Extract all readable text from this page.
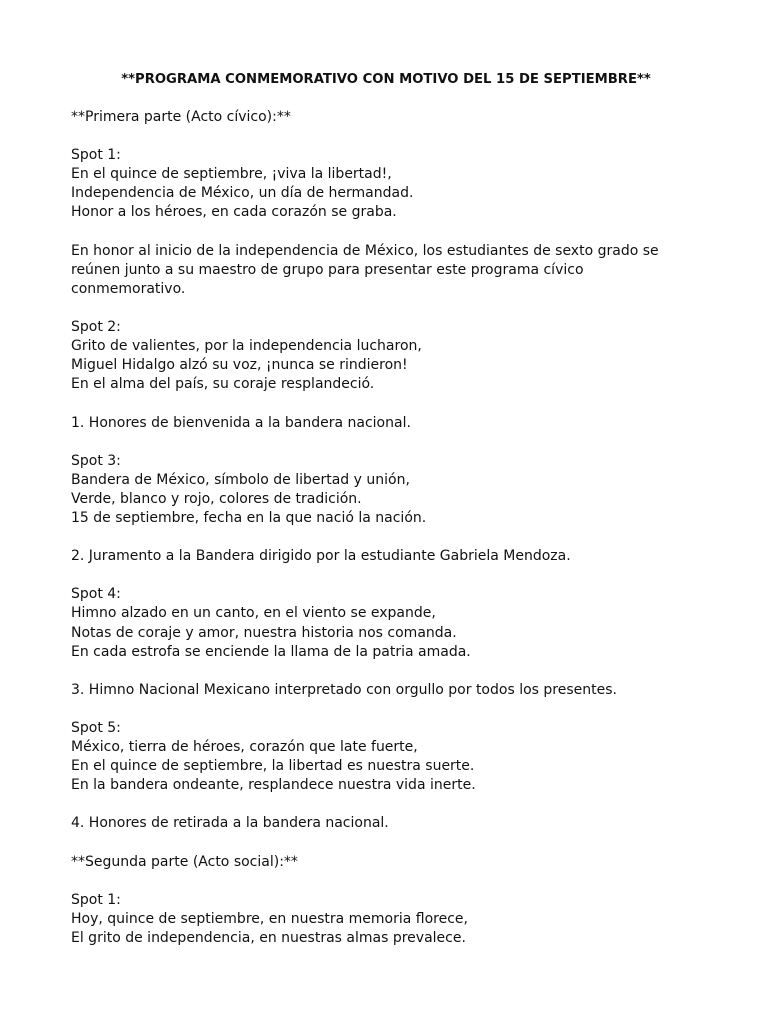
**PROGRAMA CONMEMORATIVO CON MOTIVO DEL 15 DE SEPTIEMBRE**
**Primera parte (Acto cívico):**
Spot 1:
En el quince de septiembre, ¡viva la libertad!,
Independencia de México, un día de hermandad.
Honor a los héroes, en cada corazón se graba.
En honor al inicio de la independencia de México, los estudiantes de sexto grado se
reúnen junto a su maestro de grupo para presentar este programa cívico
conmemorativo.
Spot 2:
Grito de valientes, por la independencia lucharon,
Miguel Hidalgo alzó su voz, ¡nunca se rindieron!
En el alma del país, su coraje resplandeció.
1. Honores de bienvenida a la bandera nacional.
Spot 3:
Bandera de México, símbolo de libertad y unión,
Verde, blanco y rojo, colores de tradición.
15 de septiembre, fecha en la que nació la nación.
2. Juramento a la Bandera dirigido por la estudiante Gabriela Mendoza.
Spot 4:
Himno alzado en un canto, en el viento se expande,
Notas de coraje y amor, nuestra historia nos comanda.
En cada estrofa se enciende la llama de la patria amada.
3. Himno Nacional Mexicano interpretado con orgullo por todos los presentes.
Spot 5:
México, tierra de héroes, corazón que late fuerte,
En el quince de septiembre, la libertad es nuestra suerte.
En la bandera ondeante, resplandece nuestra vida inerte.
4. Honores de retirada a la bandera nacional.
**Segunda parte (Acto social):**
Spot 1:
Hoy, quince de septiembre, en nuestra memoria florece,
El grito de independencia, en nuestras almas prevalece.
